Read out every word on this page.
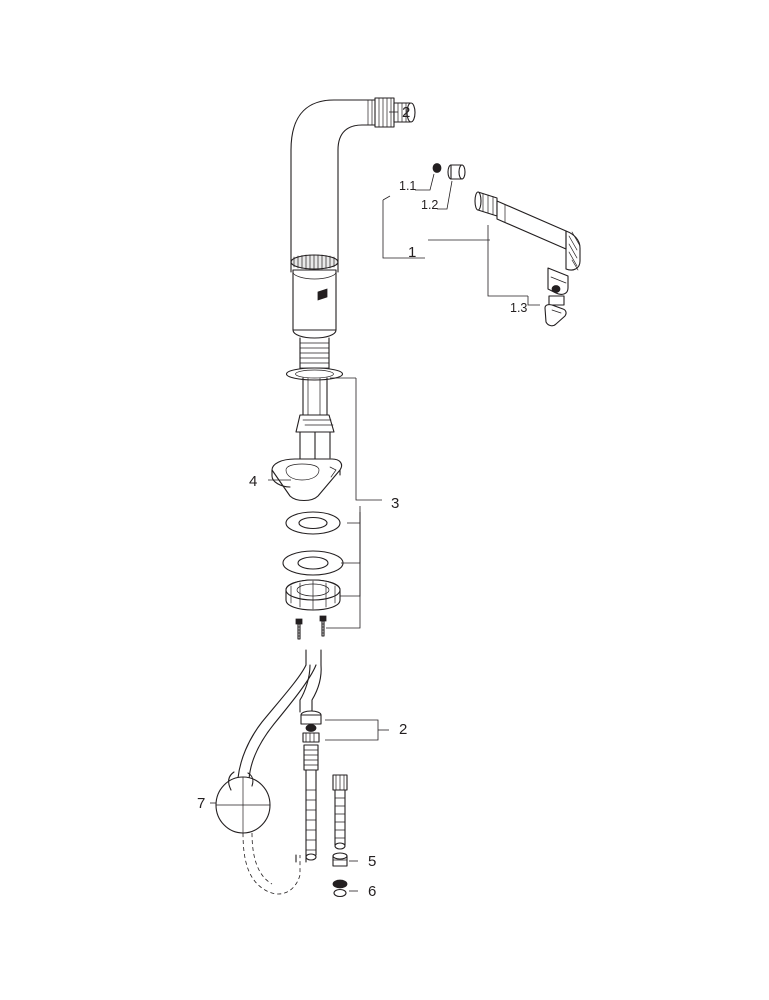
2
1.1
1.2
1
1.3
4
3
2
7
5
6
